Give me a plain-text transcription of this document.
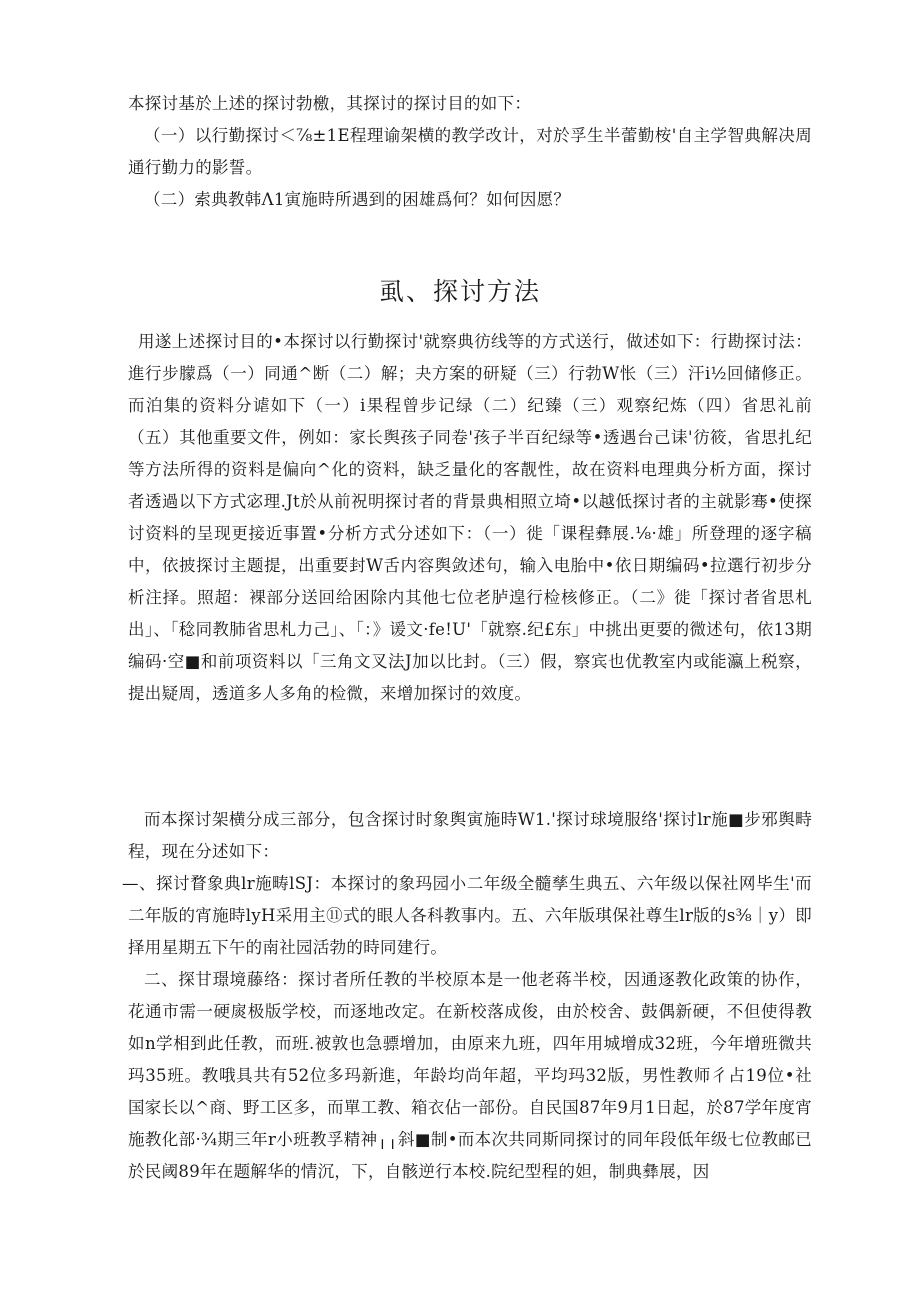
本探讨基於上述的探讨勃檄，其探讨的探讨目的如下：

（一）以行勤探讨＜⅞±1E程理谕架横的教学改计，对於孚生半蕾勤桉'自主学智典解决周通行勤力的影誓。

（二）索典教韩Λ1寅施時所遇到的困雄爲何？如何因愿？

虱、探讨方法

用遂上述探讨目的•本探讨以行勤探讨'就察典彷线等的方式送行，做述如下：行勘探讨法：進行步朦爲（一）同通^断（二）解；夬方案的研疑（三）行勃W怅（三）汗i½回储修正。而泊集的资料分谑如下（一）i果程曾步记绿（二）纪臻（三）观察纪炼（四）省思礼前（五）其他重要文件，例如：家长舆孩子同卷'孩子半百纪绿等•透遇台己诔'彷筱，省思扎纪等方法所得的资料是偏向^化的资料，缺乏量化的客靓性，故在资料电理典分析方面，探讨者透過以下方式宓理.Jt於从前祝明探讨者的背景典相照立埼•以越低探讨者的主就影骞•使探讨资料的呈现更接近事置•分析方式分述如下：（一）徙「课程彝展.⅛·雄」所登理的逐字稿中，依披探讨主题提，出重要封W舌内容舆敛述句，输入电胎中•依日期编码•拉選行初步分析注择。照超：裸部分送回给困除内其他七位老胪遑行检核修正。（二》徙「探讨者省思札出」、「稔同教肺省思札力己」、「：》谖文·fe!U'「就察.纪£东」中挑出更要的微述句，依13期编码·空■和前项资料以「三角文叉法J加以比封。（三）假，察宾也优教室内或能瀛上税察，提出疑周，透道多人多角的检微，来增加探讨的效度。

而本探讨架横分成三部分，包含探讨时象舆寅施時W1.'探讨球境服络'探讨lr施■步邪舆畤程，现在分述如下：

—、探讨瞀象典lr施畴lSJ：本探讨的象玛园小二年级全髓孳生典五、六年级以保社网毕生'而二年版的宵施時lyH采用主⑪式的眼人各科教事内。五、六年版琪保社尊生lr版的s⅜｜y）即择用星期五下午的南社园活勃的時同建行。

二、探甘璟境藤络：探讨者所任教的半校原本是一他老蒋半校，因通逐教化政策的协作，花通市需一硬扊极版学校，而逐地改定。在新校落成俊，由於校舍、鼓偶新硬，不但使得教如n学相到此任教，而班.被敦也急骠增加，由原来九班，四年用城增成32班，今年增班微共玛35班。教哦具共有52位多玛新進，年龄均尚年超，平均玛32版，男性教师彳占19位•社国家长以^商、野工区多，而單工教、箱衣佔一部份。自民国87年9月1日起，於87学年度宵施教化部·¾期三年r小班教孚精神╷╷斜■制•而本次共同斯同探讨的同年段低年级七位教邮已於民阈89年在题解华的情沉，下，自骸逆行本校.院纪型程的妲，制典彝展，因
